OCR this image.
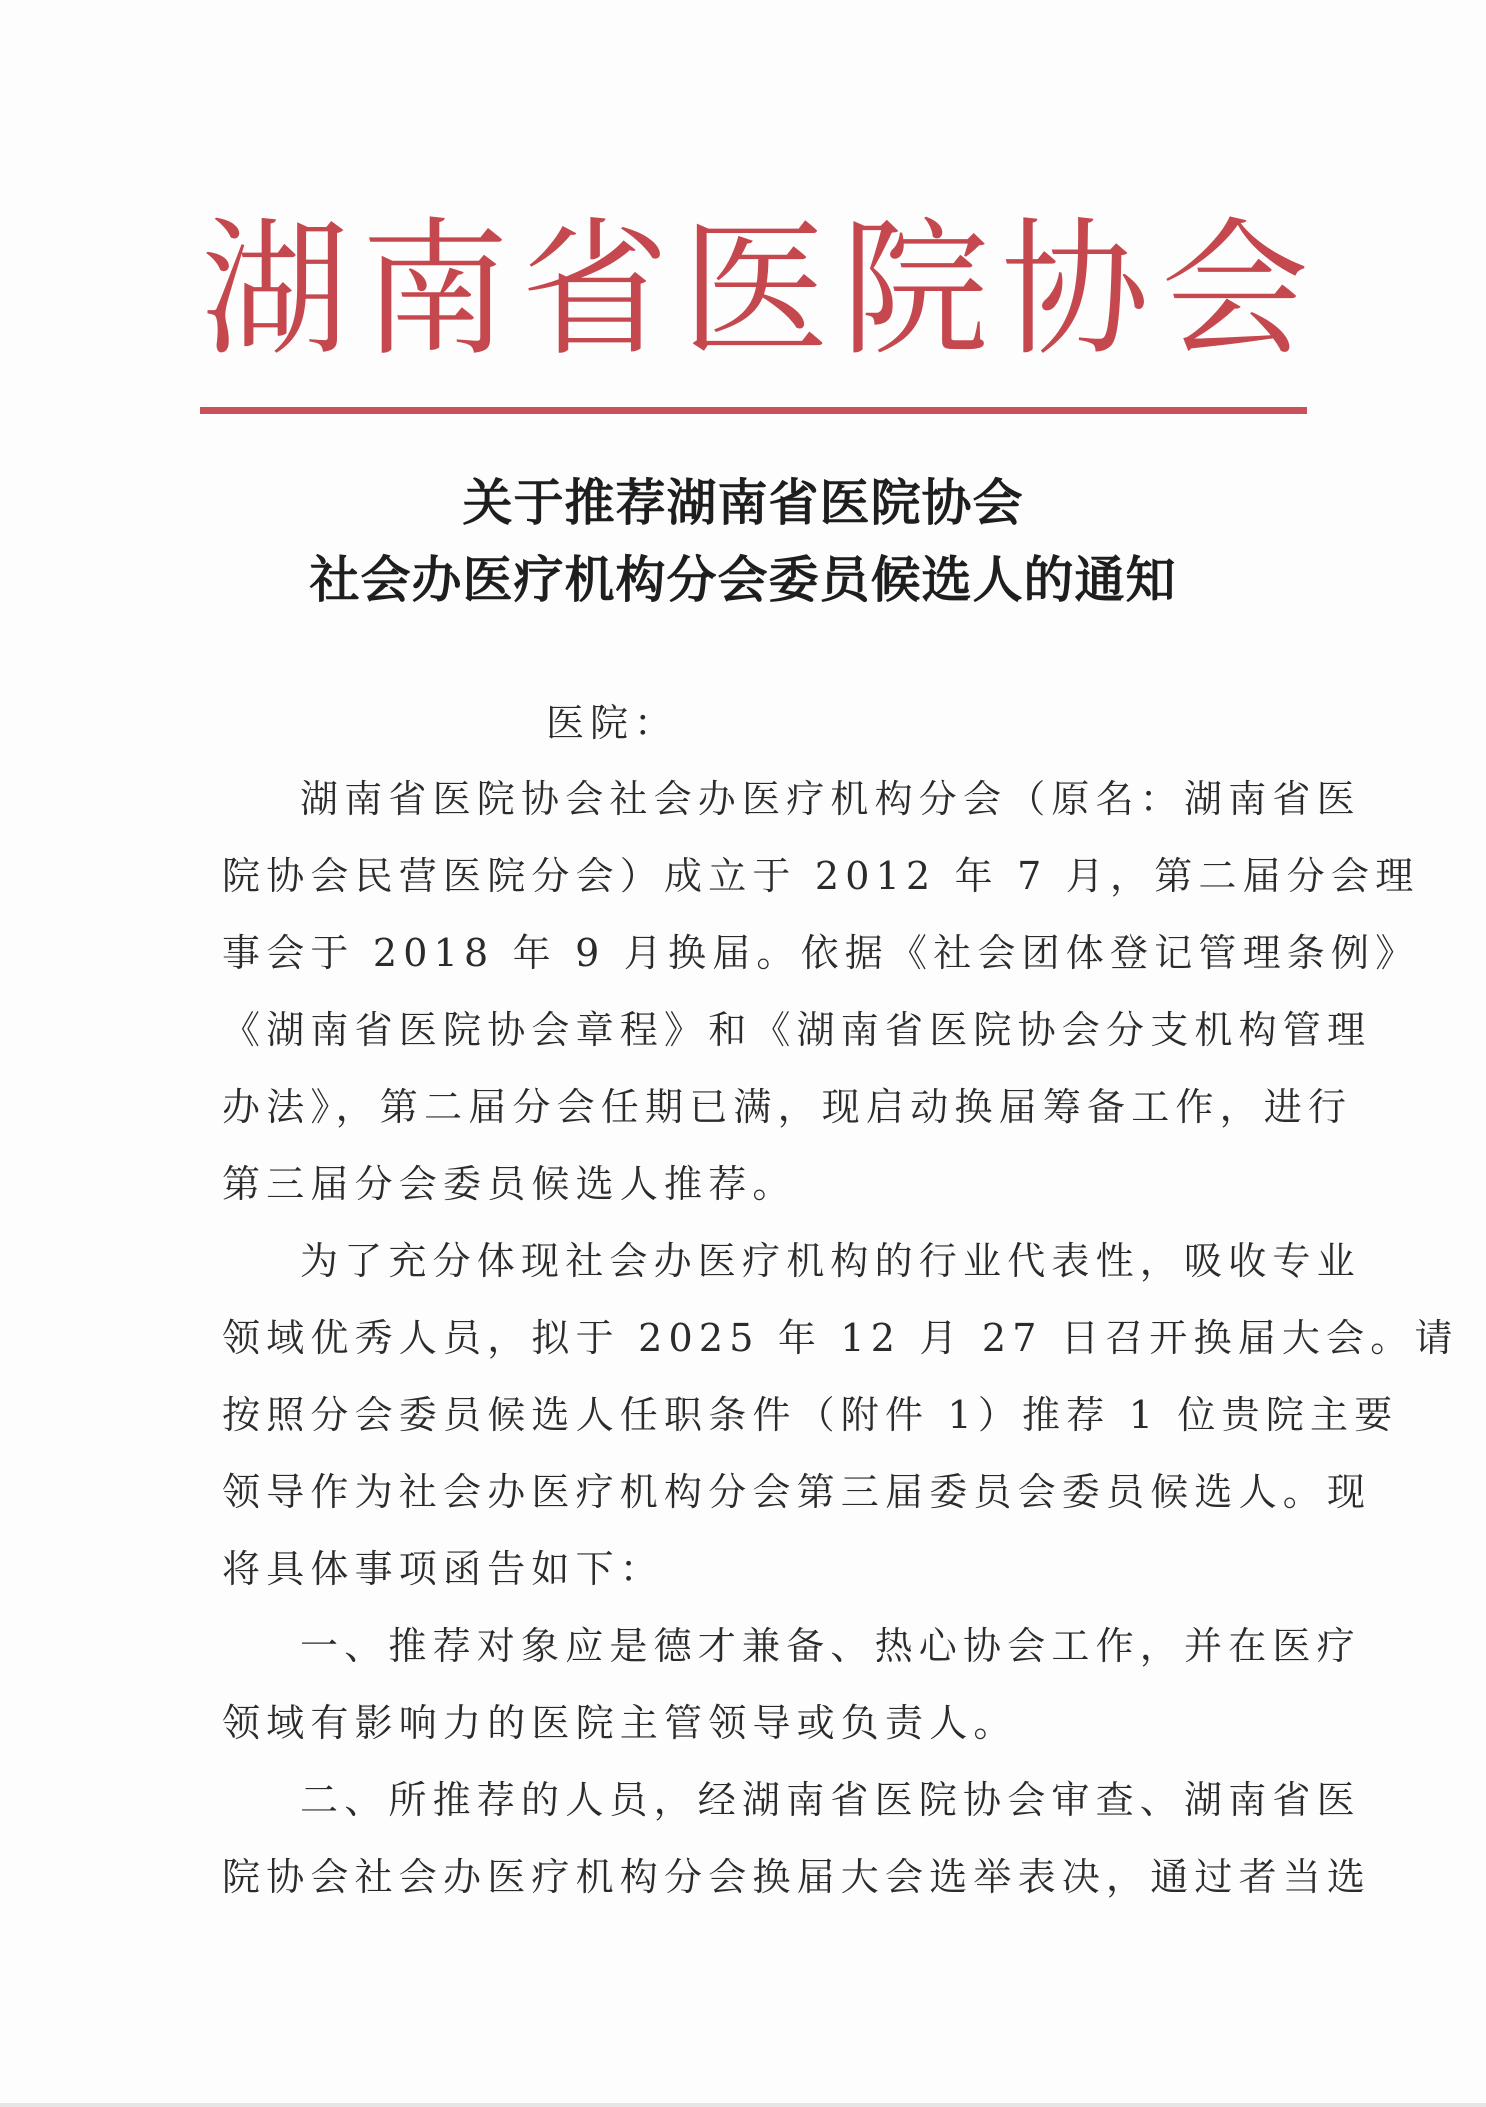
湖 南 省 医 院 协 会
关于推荐湖南省医院协会
社会办医疗机构分会委员候选人的通知
医院：
湖南省医院协会社会办医疗机构分会（原名：湖南省医
院协会民营医院分会）成立于 2012 年 7 月，第二届分会理
事会于 2018 年 9 月换届。依据《社会团体登记管理条例》
《湖南省医院协会章程》和《湖南省医院协会分支机构管理
办法》，第二届分会任期已满，现启动换届筹备工作，进行
第三届分会委员候选人推荐。
为了充分体现社会办医疗机构的行业代表性，吸收专业
领域优秀人员，拟于 2025 年 12 月 27 日召开换届大会。请
按照分会委员候选人任职条件（附件 1）推荐 1 位贵院主要
领导作为社会办医疗机构分会第三届委员会委员候选人。现
将具体事项函告如下：
一、推荐对象应是德才兼备、热心协会工作，并在医疗
领域有影响力的医院主管领导或负责人。
二、所推荐的人员，经湖南省医院协会审查、湖南省医
院协会社会办医疗机构分会换届大会选举表决，通过者当选
